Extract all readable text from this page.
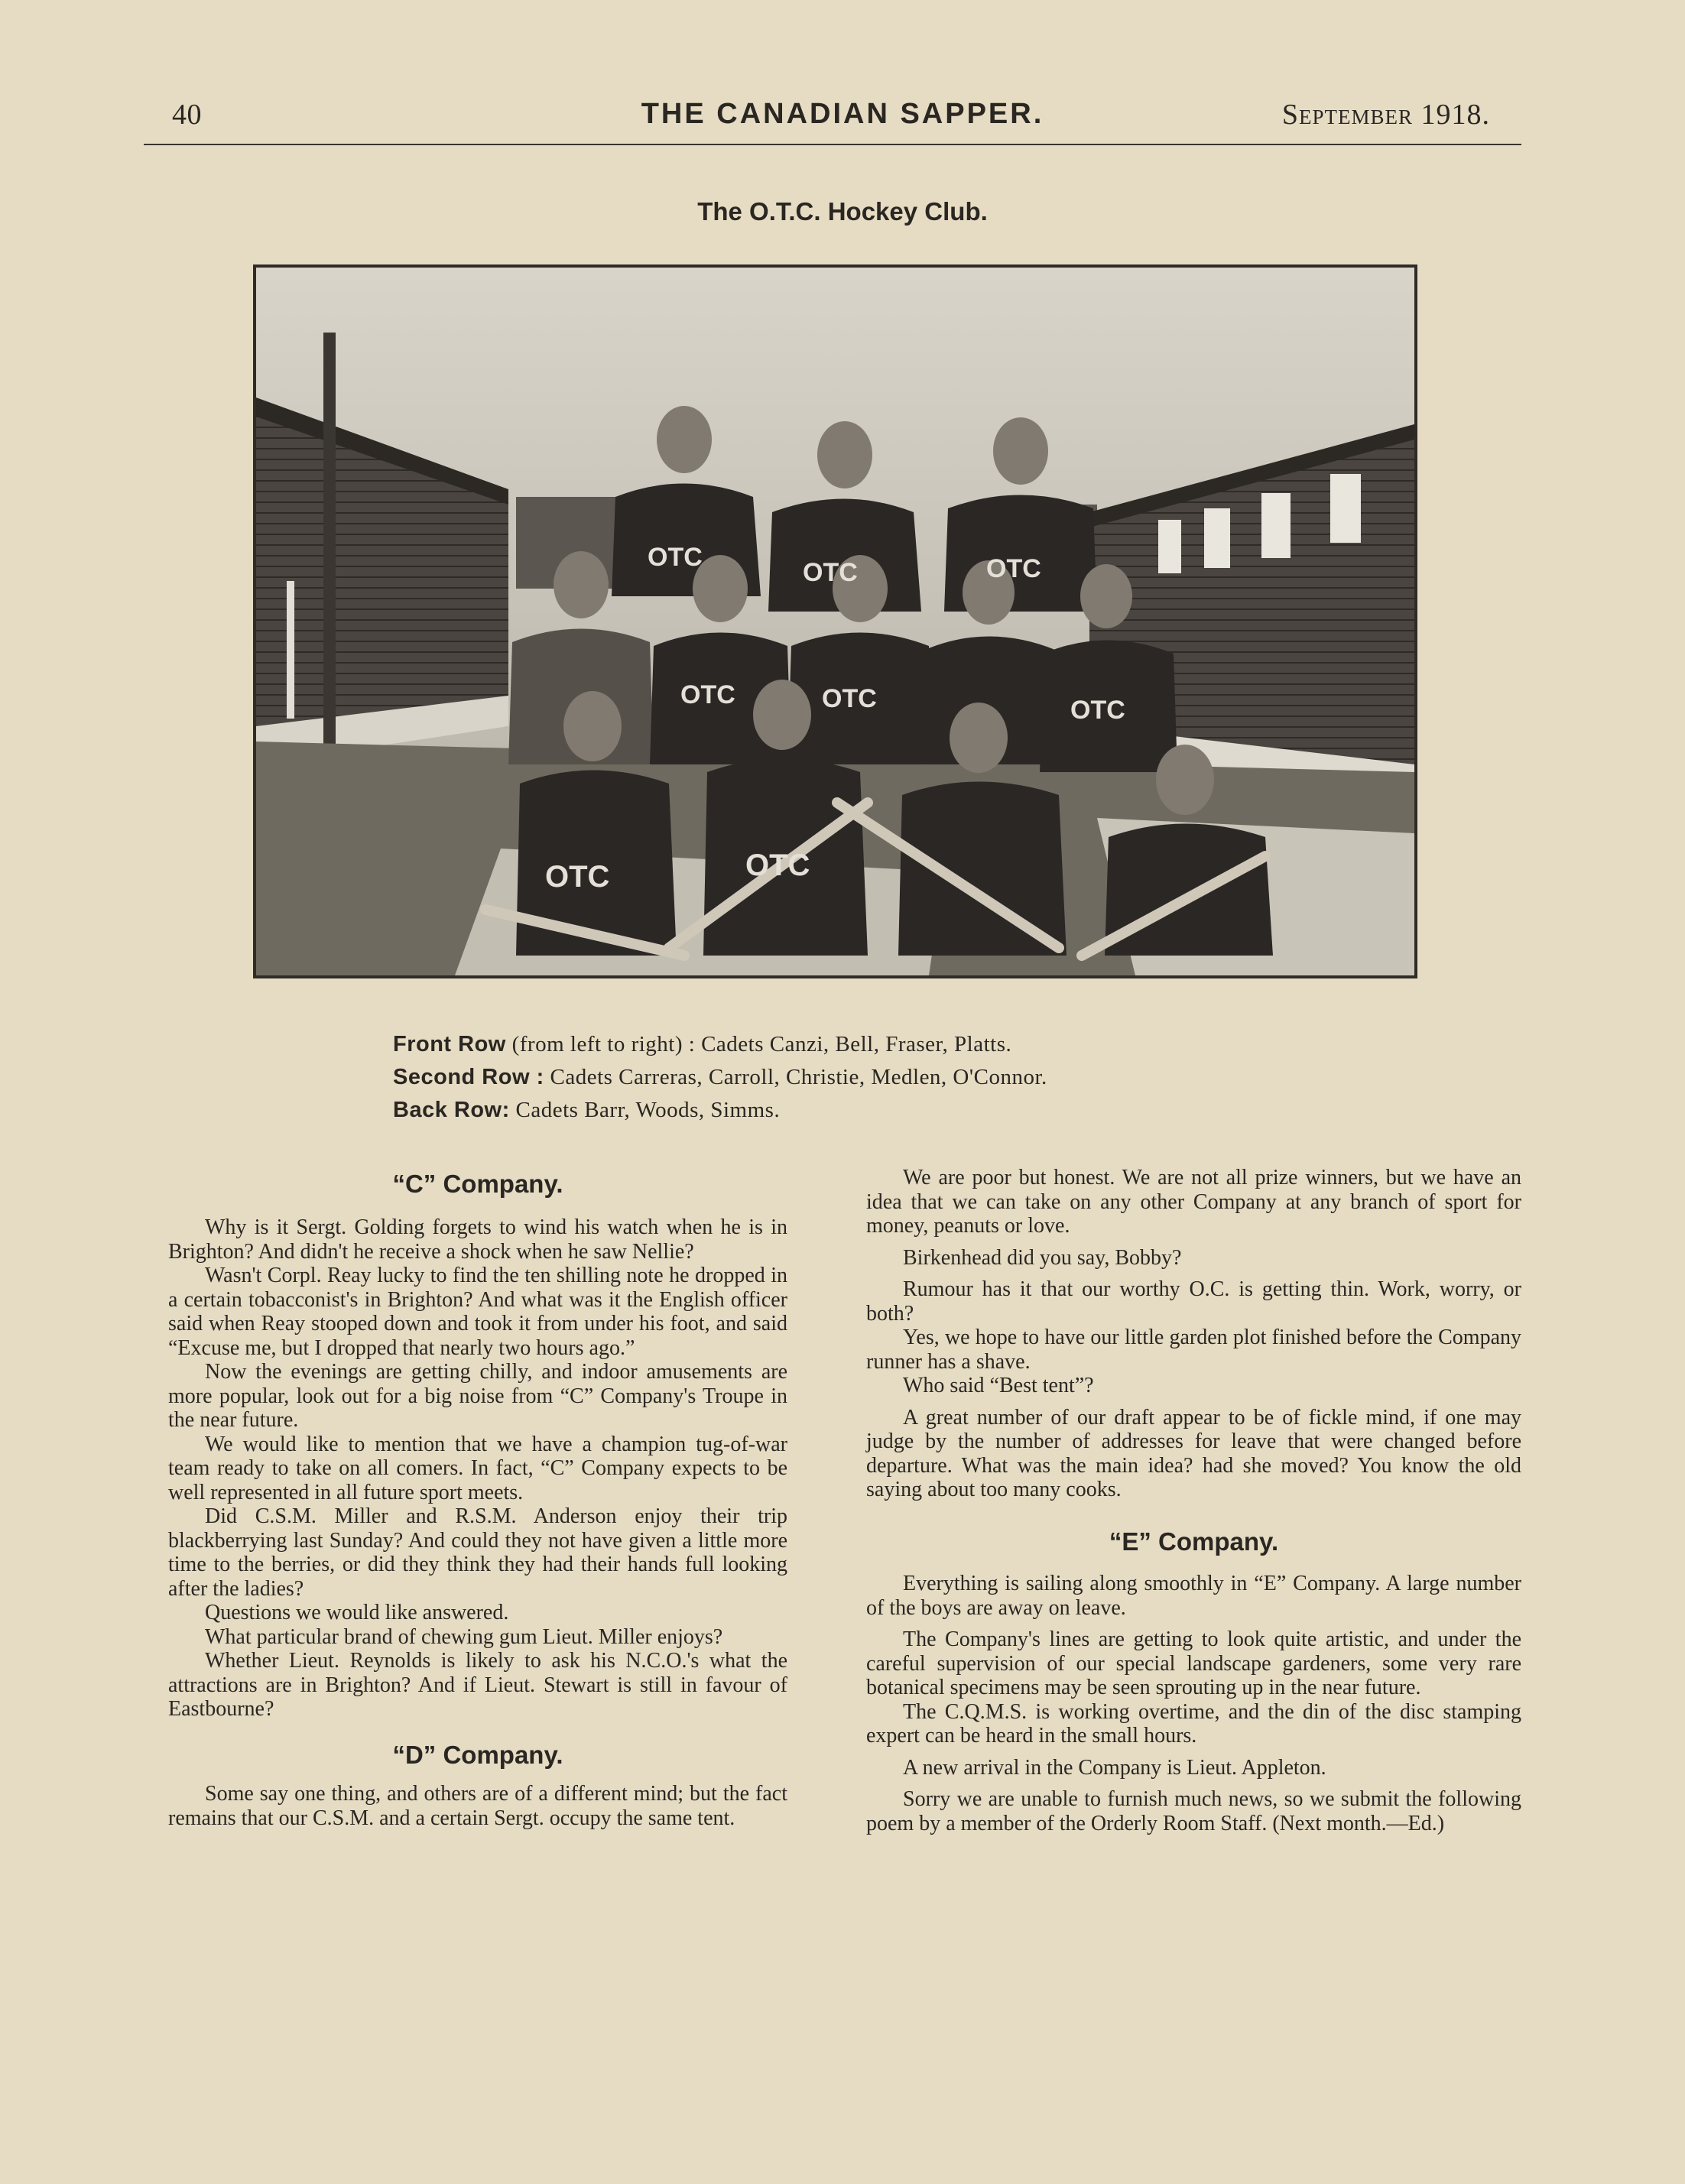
40	THE CANADIAN SAPPER.	September 1918.
The O.T.C. Hockey Club.
OTC
OTC	OTC
OTC	OTC	OTC
OTC	OTC
Front Row (from left to right) : Cadets Canzi, Bell, Fraser, Platts.
Second Row : Cadets Carreras, Carroll, Christie, Medlen, O'Connor.
Back Row: Cadets Barr, Woods, Simms.
“C” Company.

Why is it Sergt. Golding forgets to wind his watch when he is in Brighton? And didn't he receive a shock when he saw Nellie?

Wasn't Corpl. Reay lucky to find the ten shilling note he dropped in a certain tobacconist's in Brighton? And what was it the English officer said when Reay stooped down and took it from under his foot, and said “Excuse me, but I dropped that nearly two hours ago.”

Now the evenings are getting chilly, and indoor amusements are more popular, look out for a big noise from “C” Company's Troupe in the near future.

We would like to mention that we have a champion tug-of-war team ready to take on all comers. In fact, “C” Company expects to be well represented in all future sport meets.

Did C.S.M. Miller and R.S.M. Anderson enjoy their trip blackberrying last Sunday? And could they not have given a little more time to the berries, or did they think they had their hands full looking after the ladies?

Questions we would like answered.

What particular brand of chewing gum Lieut. Miller enjoys?

Whether Lieut. Reynolds is likely to ask his N.C.O.'s what the attractions are in Brighton? And if Lieut. Stewart is still in favour of Eastbourne?

“D” Company.

Some say one thing, and others are of a different mind; but the fact remains that our C.S.M. and a certain Sergt. occupy the same tent.

We are poor but honest. We are not all prize winners, but we have an idea that we can take on any other Company at any branch of sport for money, peanuts or love.

Birkenhead did you say, Bobby?

Rumour has it that our worthy O.C. is getting thin. Work, worry, or both?

Yes, we hope to have our little garden plot finished before the Company runner has a shave.

Who said “Best tent”?

A great number of our draft appear to be of fickle mind, if one may judge by the number of addresses for leave that were changed before departure. What was the main idea? had she moved? You know the old saying about too many cooks.

“E” Company.

Everything is sailing along smoothly in “E” Company. A large number of the boys are away on leave.

The Company's lines are getting to look quite artistic, and under the careful supervision of our special landscape gardeners, some very rare botanical specimens may be seen sprouting up in the near future.

The C.Q.M.S. is working overtime, and the din of the disc stamping expert can be heard in the small hours.

A new arrival in the Company is Lieut. Appleton.

Sorry we are unable to furnish much news, so we submit the following poem by a member of the Orderly Room Staff. (Next month.—Ed.)
